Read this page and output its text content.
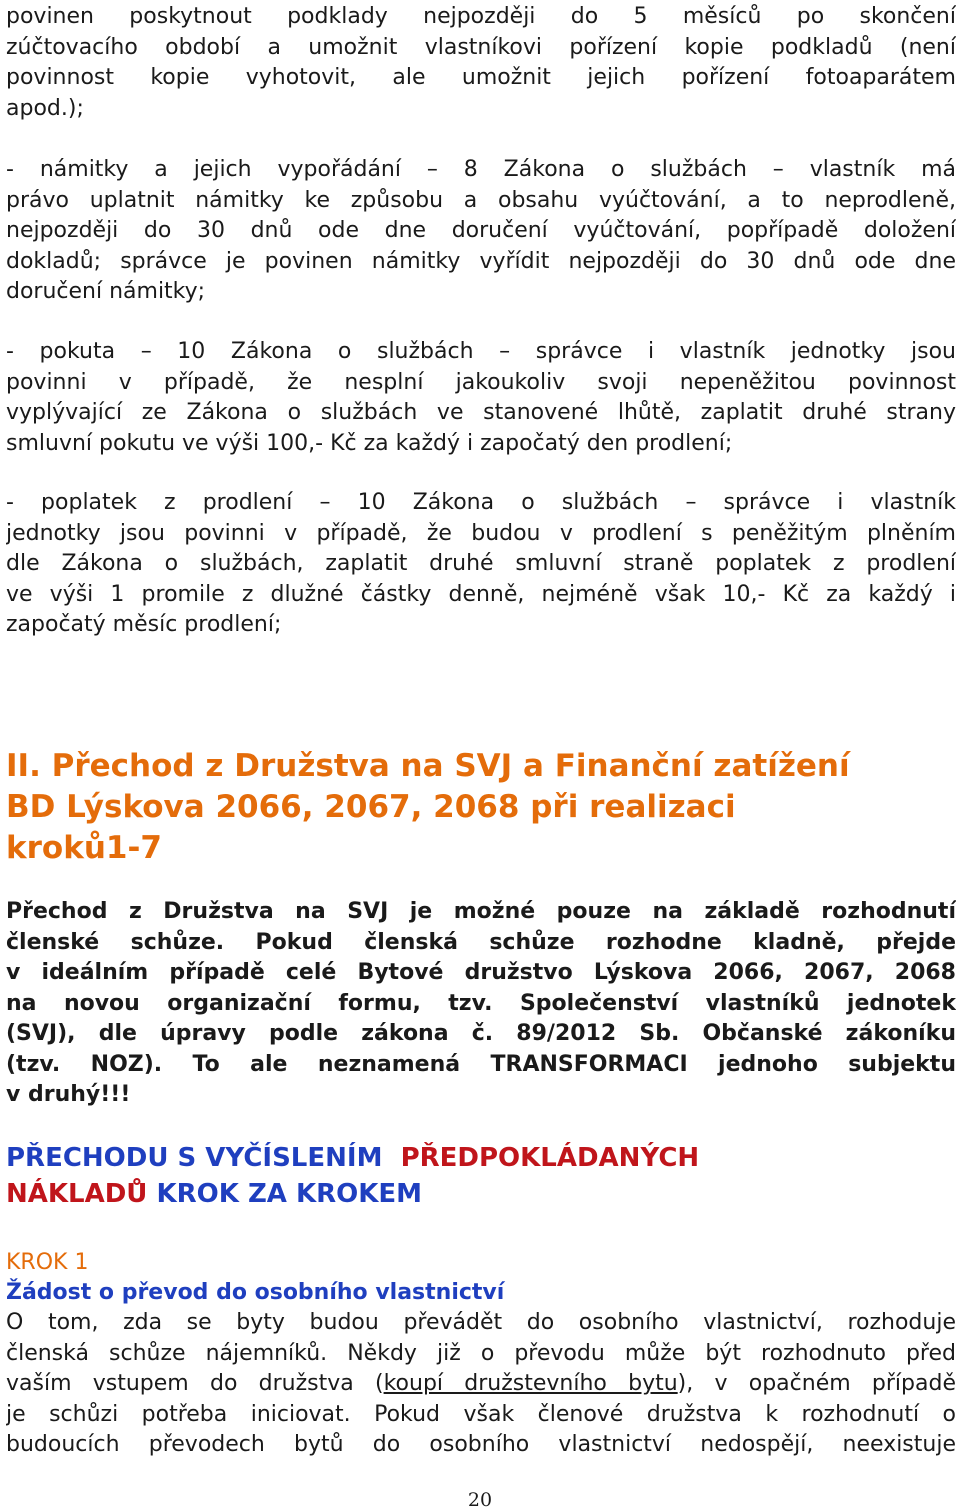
povinen poskytnout podklady nejpozději do 5 měsíců po skončení
zúčtovacího období a umožnit vlastníkovi pořízení kopie podkladů (není
povinnost kopie vyhotovit, ale umožnit jejich pořízení fotoaparátem
apod.);
- námitky a jejich vypořádání – 8 Zákona o službách – vlastník má
právo uplatnit námitky ke způsobu a obsahu vyúčtování, a to neprodleně,
nejpozději do 30 dnů ode dne doručení vyúčtování, popřípadě doložení
dokladů; správce je povinen námitky vyřídit nejpozději do 30 dnů ode dne
doručení námitky;
- pokuta – 10 Zákona o službách – správce i vlastník jednotky jsou
povinni v případě, že nesplní jakoukoliv svoji nepeněžitou povinnost
vyplývající ze Zákona o službách ve stanovené lhůtě, zaplatit druhé strany
smluvní pokutu ve výši 100,- Kč za každý i započatý den prodlení;
- poplatek z prodlení – 10 Zákona o službách – správce i vlastník
jednotky jsou povinni v případě, že budou v prodlení s peněžitým plněním
dle Zákona o službách, zaplatit druhé smluvní straně poplatek z prodlení
ve výši 1 promile z dlužné částky denně, nejméně však 10,- Kč za každý i
započatý měsíc prodlení;
II. Přechod z Družstva na SVJ a Finanční zatížení
BD Lýskova 2066, 2067, 2068 při realizaci
kroků1-7
Přechod z Družstva na SVJ je možné pouze na základě rozhodnutí
členské schůze. Pokud členská schůze rozhodne kladně, přejde
v ideálním případě celé Bytové družstvo Lýskova 2066, 2067, 2068
na novou organizační formu, tzv. Společenství vlastníků jednotek
(SVJ), dle úpravy podle zákona č. 89/2012 Sb. Občanské zákoníku
(tzv. NOZ). To ale neznamená TRANSFORMACI jednoho subjektu
v druhý!!!
PŘECHODU S VYČÍSLENÍM PŘEDPOKLÁDANÝCH
NÁKLADŮ KROK ZA KROKEM
KROK 1
Žádost o převod do osobního vlastnictví
O tom, zda se byty budou převádět do osobního vlastnictví, rozhoduje
členská schůze nájemníků. Někdy již o převodu může být rozhodnuto před
vaším vstupem do družstva (koupí družstevního bytu), v opačném případě
je schůzi potřeba iniciovat. Pokud však členové družstva k rozhodnutí o
budoucích převodech bytů do osobního vlastnictví nedospějí, neexistuje
20
